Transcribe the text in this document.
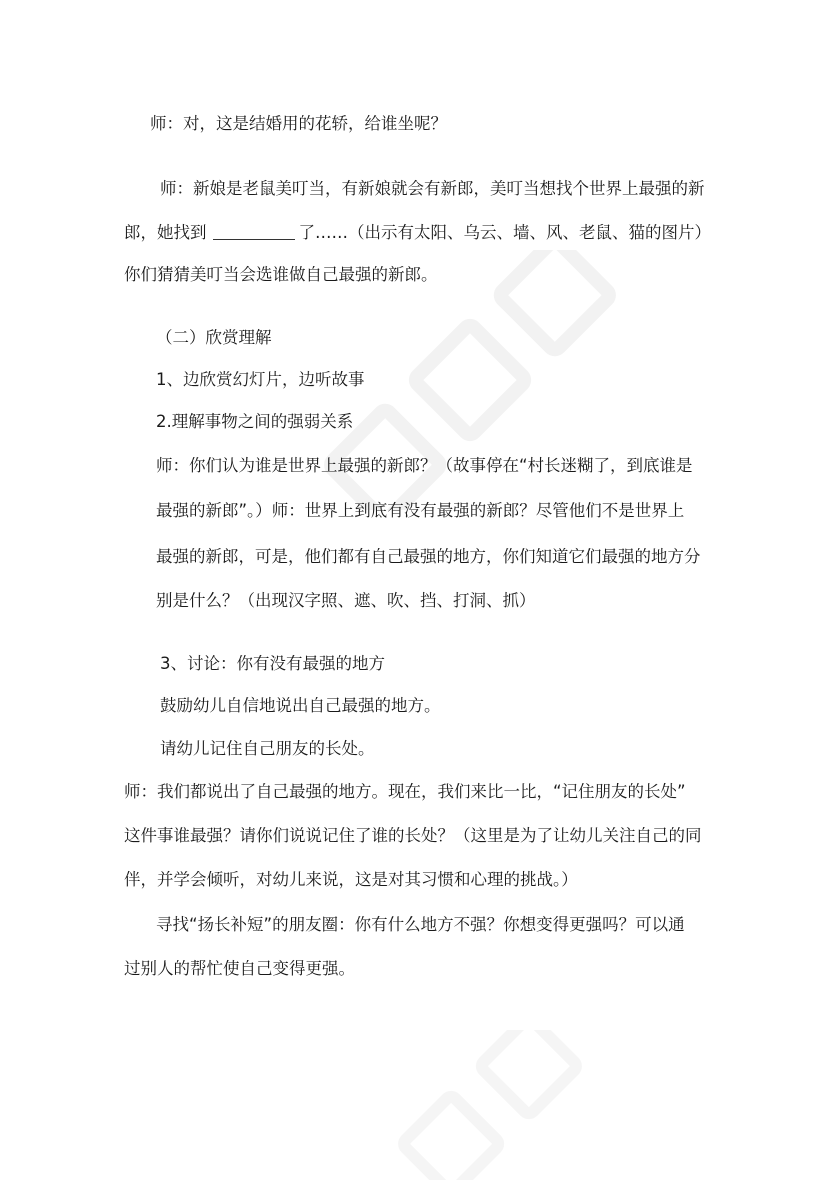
师：对，这是结婚用的花轿，给谁坐呢？
师：新娘是老鼠美叮当，有新娘就会有新郎，美叮当想找个世界上最强的新
郎，她找到	了……（出示有太阳、乌云、墙、风、老鼠、猫的图片）
你们猜猜美叮当会选谁做自己最强的新郎。
（二）欣赏理解
1、边欣赏幻灯片，边听故事
2.理解事物之间的强弱关系
师：你们认为谁是世界上最强的新郎？（故事停在“村长迷糊了，到底谁是
最强的新郎”。）师：世界上到底有没有最强的新郎？尽管他们不是世界上
最强的新郎，可是，他们都有自己最强的地方，你们知道它们最强的地方分
别是什么？（出现汉字照、遮、吹、挡、打洞、抓）
3、讨论：你有没有最强的地方
鼓励幼儿自信地说出自己最强的地方。
请幼儿记住自己朋友的长处。
师：我们都说出了自己最强的地方。现在，我们来比一比，“记住朋友的长处”
这件事谁最强？请你们说说记住了谁的长处？（这里是为了让幼儿关注自己的同
伴，并学会倾听，对幼儿来说，这是对其习惯和心理的挑战。）
寻找“扬长补短”的朋友圈：你有什么地方不强？你想变得更强吗？可以通
过别人的帮忙使自己变得更强。
